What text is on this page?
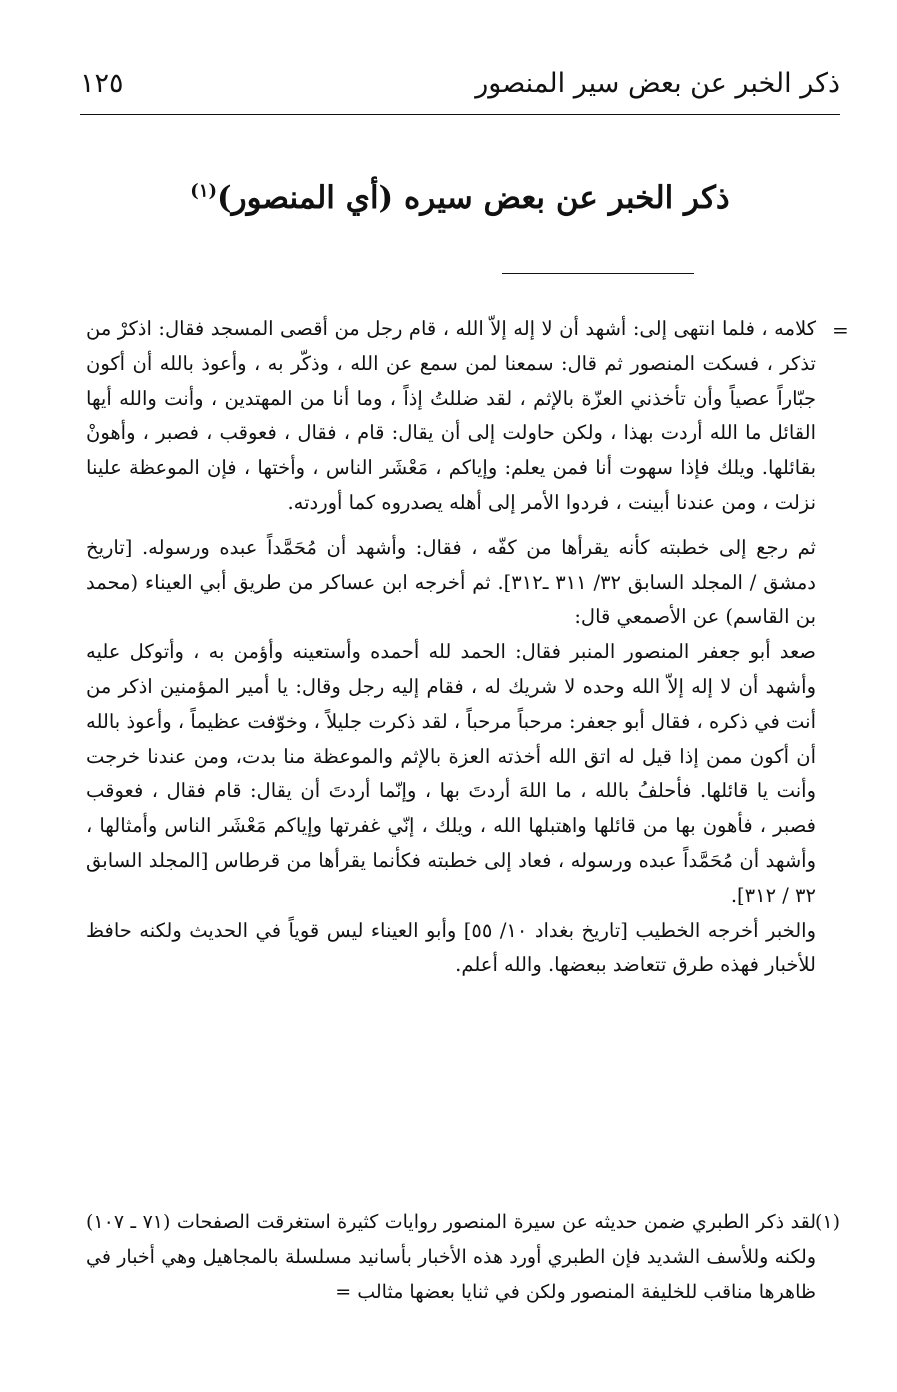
ذكر الخبر عن بعض سير المنصور
١٢٥
ذكر الخبر عن بعض سيره (أي المنصور)$^{(١)}$
=

كلامه ، فلما انتهى إلى: أشهد أن لا إله إلاّ الله ، قام رجل من أقصى المسجد فقال: اذكرْ من تذكر ، فسكت المنصور ثم قال: سمعنا لمن سمع عن الله ، وذكّر به ، وأعوذ بالله أن أكون جبّاراً عصياً وأن تأخذني العزّة بالإثم ، لقد ضللتُ إذاً ، وما أنا من المهتدين ، وأنت والله أيها القائل ما الله أردت بهذا ، ولكن حاولت إلى أن يقال: قام ، فقال ، فعوقب ، فصبر ، وأهونْ بقائلها. ويلك فإذا سهوت أنا فمن يعلم: وإياكم ، مَعْشَر الناس ، وأختها ، فإن الموعظة علينا نزلت ، ومن عندنا أبينت ، فردوا الأمر إلى أهله يصدروه كما أوردته.

ثم رجع إلى خطبته كأنه يقرأها من كفّه ، فقال: وأشهد أن مُحَمَّداً عبده ورسوله. [تاريخ دمشق / المجلد السابق ٣٢/ ٣١١ ـ٣١٢]. ثم أخرجه ابن عساكر من طريق أبي العيناء (محمد بن القاسم) عن الأصمعي قال:

صعد أبو جعفر المنصور المنبر فقال: الحمد لله أحمده وأستعينه وأؤمن به ، وأتوكل عليه وأشهد أن لا إله إلاّ الله وحده لا شريك له ، فقام إليه رجل وقال: يا أمير المؤمنين اذكر من أنت في ذكره ، فقال أبو جعفر: مرحباً مرحباً ، لقد ذكرت جليلاً ، وخوّفت عظيماً ، وأعوذ بالله أن أكون ممن إذا قيل له اتق الله أخذته العزة بالإثم والموعظة منا بدت، ومن عندنا خرجت وأنت يا قائلها. فأحلفُ بالله ، ما اللهَ أردتَ بها ، وإنّما أردتَ أن يقال: قام فقال ، فعوقب فصبر ، فأهون بها من قائلها واهتبلها الله ، ويلك ، إنّي غفرتها وإياكم مَعْشَر الناس وأمثالها ، وأشهد أن مُحَمَّداً عبده ورسوله ، فعاد إلى خطبته فكأنما يقرأها من قرطاس [المجلد السابق ٣٢ / ٣١٢].

والخبر أخرجه الخطيب [تاريخ بغداد ١٠/ ٥٥] وأبو العيناء ليس قوياً في الحديث ولكنه حافظ للأخبار فهذه طرق تتعاضد ببعضها. والله أعلم.

(١)
لقد ذكر الطبري ضمن حديثه عن سيرة المنصور روايات كثيرة استغرقت الصفحات (٧١ ـ ١٠٧) ولكنه وللأسف الشديد فإن الطبري أورد هذه الأخبار بأسانيد مسلسلة بالمجاهيل وهي أخبار في ظاهرها مناقب للخليفة المنصور ولكن في ثنايا بعضها مثالب =
